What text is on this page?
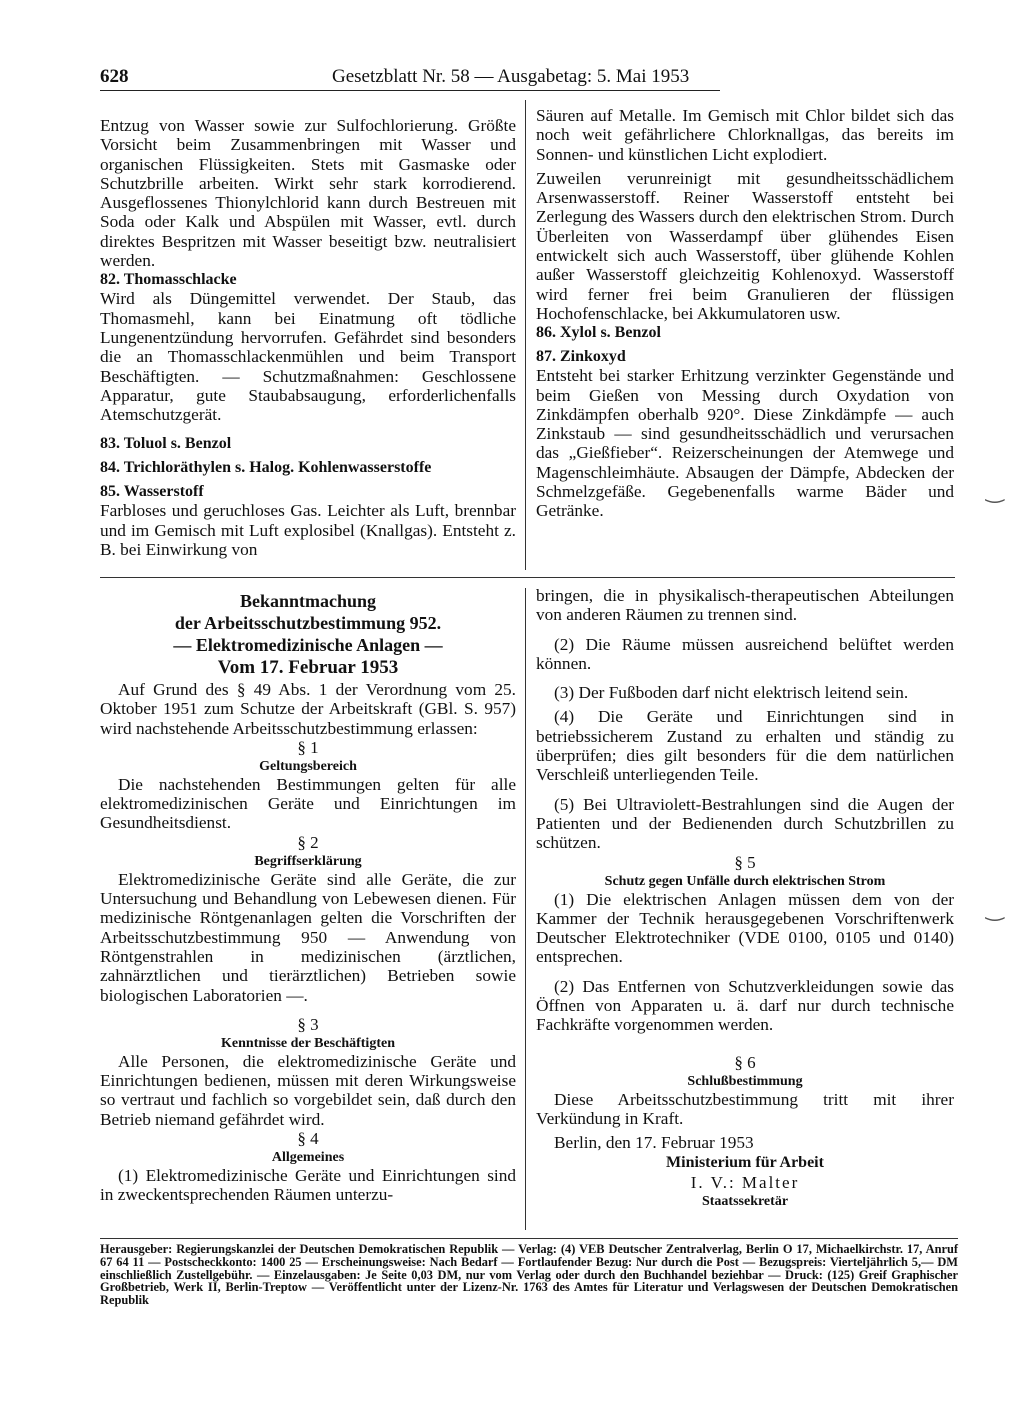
628	Gesetzblatt Nr. 58 — Ausgabetag: 5. Mai 1953

Entzug von Wasser sowie zur Sulfochlorierung. Größte Vorsicht beim Zusammenbringen mit Wasser und organischen Flüssigkeiten. Stets mit Gasmaske oder Schutzbrille arbeiten. Wirkt sehr stark korrodierend. Ausgeflossenes Thionylchlorid kann durch Bestreuen mit Soda oder Kalk und Abspülen mit Wasser, evtl. durch direktes Bespritzen mit Wasser beseitigt bzw. neutralisiert werden.

82. Thomasschlacke

Wird als Düngemittel verwendet. Der Staub, das Thomasmehl, kann bei Einatmung oft tödliche Lungenentzündung hervorrufen. Gefährdet sind besonders die an Thomasschlackenmühlen und beim Transport Beschäftigten. — Schutzmaßnahmen: Geschlossene Apparatur, gute Staubabsaugung, erforderlichenfalls Atemschutzgerät.

83. Toluol s. Benzol

84. Trichloräthylen s. Halog. Kohlenwasserstoffe

85. Wasserstoff

Farbloses und geruchloses Gas. Leichter als Luft, brennbar und im Gemisch mit Luft explosibel (Knallgas). Entsteht z. B. bei Einwirkung von

Säuren auf Metalle. Im Gemisch mit Chlor bildet sich das noch weit gefährlichere Chlorknallgas, das bereits im Sonnen- und künstlichen Licht explodiert.

Zuweilen verunreinigt mit gesundheitsschädlichem Arsenwasserstoff. Reiner Wasserstoff entsteht bei Zerlegung des Wassers durch den elektrischen Strom. Durch Überleiten von Wasserdampf über glühendes Eisen entwickelt sich auch Wasserstoff, über glühende Kohlen außer Wasserstoff gleichzeitig Kohlenoxyd. Wasserstoff wird ferner frei beim Granulieren der flüssigen Hochofenschlacke, bei Akkumulatoren usw.

86. Xylol s. Benzol

87. Zinkoxyd

Entsteht bei starker Erhitzung verzinkter Gegenstände und beim Gießen von Messing durch Oxydation von Zinkdämpfen oberhalb 920°. Diese Zinkdämpfe — auch Zinkstaub — sind gesundheitsschädlich und verursachen das „Gießfieber“. Reizerscheinungen der Atemwege und Magenschleimhäute. Absaugen der Dämpfe, Abdecken der Schmelzgefäße. Gegebenenfalls warme Bäder und Getränke.

Bekanntmachung

der Arbeitsschutzbestimmung 952.

— Elektromedizinische Anlagen —

Vom 17. Februar 1953

Auf Grund des § 49 Abs. 1 der Verordnung vom 25. Oktober 1951 zum Schutze der Arbeitskraft (GBl. S. 957) wird nachstehende Arbeitsschutzbestimmung erlassen:

§ 1

Geltungsbereich

Die nachstehenden Bestimmungen gelten für alle elektromedizinischen Geräte und Einrichtungen im Gesundheitsdienst.

§ 2

Begriffserklärung

Elektromedizinische Geräte sind alle Geräte, die zur Untersuchung und Behandlung von Lebewesen dienen. Für medizinische Röntgenanlagen gelten die Vorschriften der Arbeitsschutzbestimmung 950 — Anwendung von Röntgenstrahlen in medizinischen (ärztlichen, zahnärztlichen und tierärztlichen) Betrieben sowie biologischen Laboratorien —.

§ 3

Kenntnisse der Beschäftigten

Alle Personen, die elektromedizinische Geräte und Einrichtungen bedienen, müssen mit deren Wirkungsweise so vertraut und fachlich so vorgebildet sein, daß durch den Betrieb niemand gefährdet wird.

§ 4

Allgemeines

(1) Elektromedizinische Geräte und Einrichtungen sind in zweckentsprechenden Räumen unterzu-

bringen, die in physikalisch-therapeutischen Abteilungen von anderen Räumen zu trennen sind.

(2) Die Räume müssen ausreichend belüftet werden können.

(3) Der Fußboden darf nicht elektrisch leitend sein.

(4) Die Geräte und Einrichtungen sind in betriebssicherem Zustand zu erhalten und ständig zu überprüfen; dies gilt besonders für die dem natürlichen Verschleiß unterliegenden Teile.

(5) Bei Ultraviolett-Bestrahlungen sind die Augen der Patienten und der Bedienenden durch Schutzbrillen zu schützen.

§ 5

Schutz gegen Unfälle durch elektrischen Strom

(1) Die elektrischen Anlagen müssen dem von der Kammer der Technik herausgegebenen Vorschriftenwerk Deutscher Elektrotechniker (VDE 0100, 0105 und 0140) entsprechen.

(2) Das Entfernen von Schutzverkleidungen sowie das Öffnen von Apparaten u. ä. darf nur durch technische Fachkräfte vorgenommen werden.

§ 6

Schlußbestimmung

Diese Arbeitsschutzbestimmung tritt mit ihrer Verkündung in Kraft.

Berlin, den 17. Februar 1953

Ministerium für Arbeit
I. V.: Malter
Staatssekretär
Herausgeber: Regierungskanzlei der Deutschen Demokratischen Republik — Verlag: (4) VEB Deutscher Zentralverlag, Berlin O 17, Michaelkirchstr. 17, Anruf 67 64 11 — Postscheckkonto: 1400 25 — Erscheinungsweise: Nach Bedarf — Fortlaufender Bezug: Nur durch die Post — Bezugspreis: Vierteljährlich 5,— DM einschließlich Zustellgebühr. — Einzelausgaben: Je Seite 0,03 DM, nur vom Verlag oder durch den Buchhandel beziehbar — Druck: (125) Greif Graphischer Großbetrieb, Werk II, Berlin-Treptow — Veröffentlicht unter der Lizenz-Nr. 1763 des Amtes für Literatur und Verlagswesen der Deutschen Demokratischen Republik
‿
‿
